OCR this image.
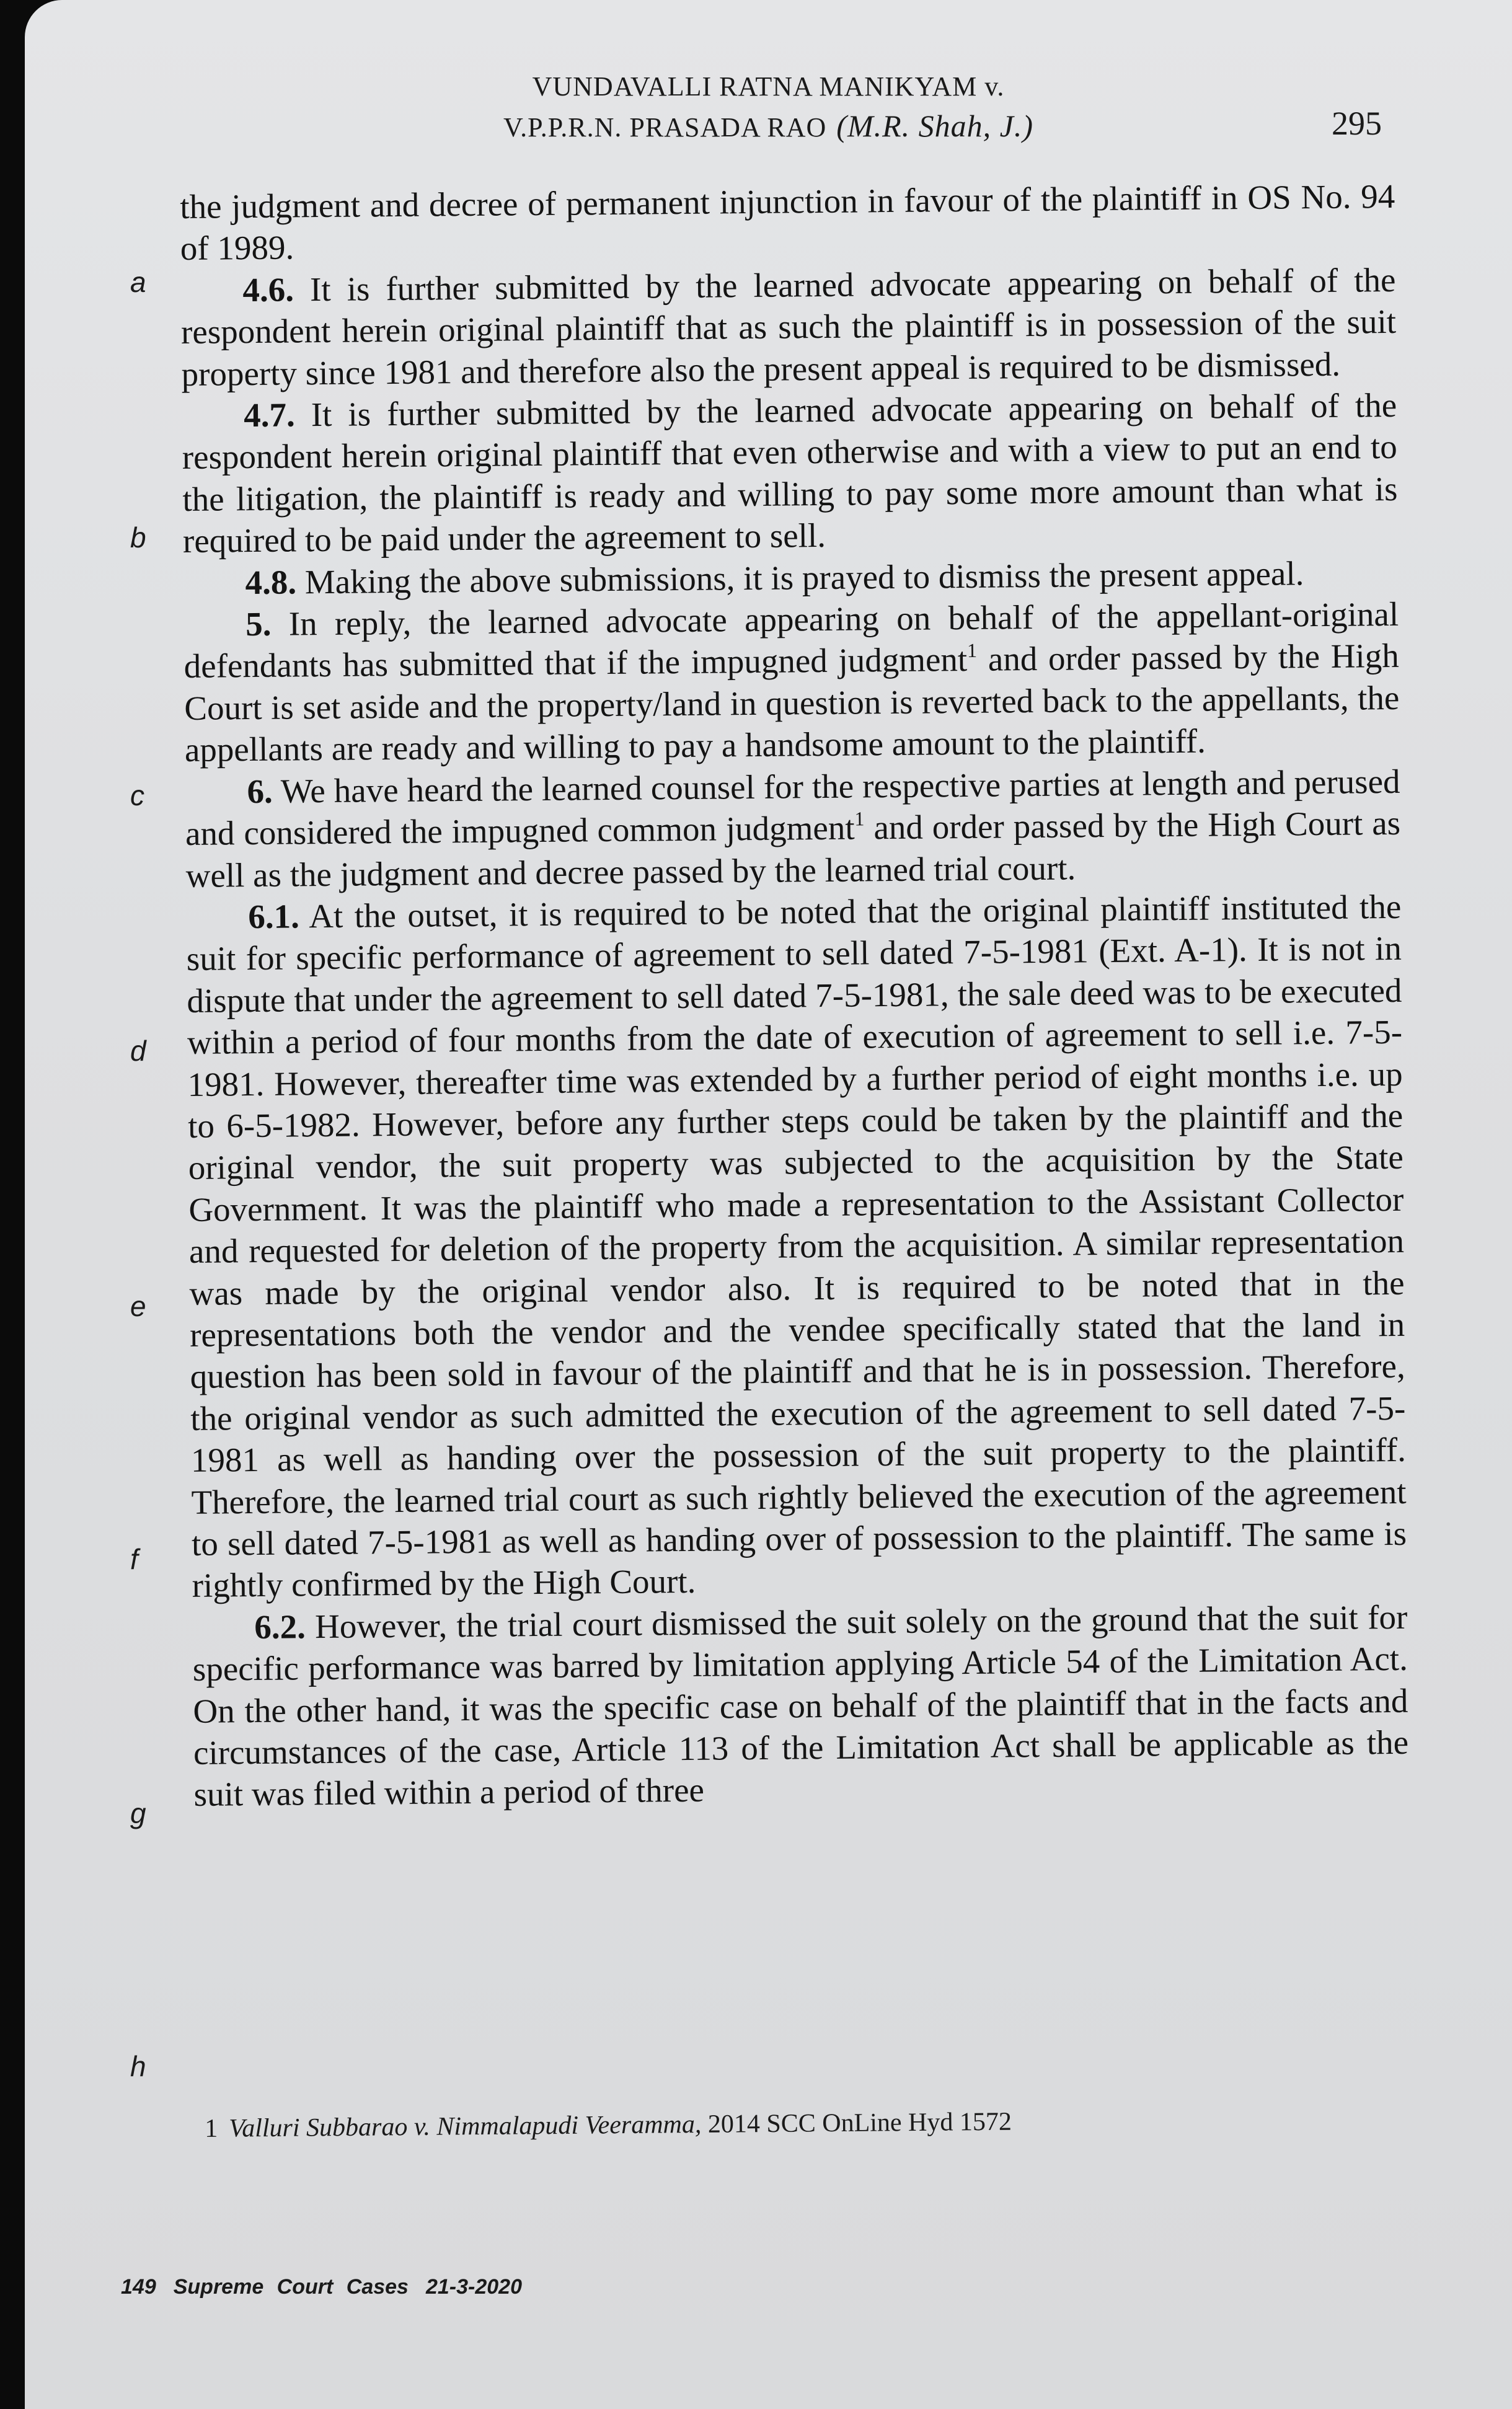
VUNDAVALLI RATNA MANIKYAM v.
V.P.P.R.N. PRASADA RAO (M.R. Shah, J.)	295
a
b
c
d
e
f
g
h

the judgment and decree of permanent injunction in favour of the plaintiff in OS No. 94 of 1989.

4.6. It is further submitted by the learned advocate appearing on behalf of the respondent herein original plaintiff that as such the plaintiff is in possession of the suit property since 1981 and therefore also the present appeal is required to be dismissed.

4.7. It is further submitted by the learned advocate appearing on behalf of the respondent herein original plaintiff that even otherwise and with a view to put an end to the litigation, the plaintiff is ready and willing to pay some more amount than what is required to be paid under the agreement to sell.

4.8. Making the above submissions, it is prayed to dismiss the present appeal.

5. In reply, the learned advocate appearing on behalf of the appellant-original defendants has submitted that if the impugned judgment$^1$ and order passed by the High Court is set aside and the property/land in question is reverted back to the appellants, the appellants are ready and willing to pay a handsome amount to the plaintiff.

6. We have heard the learned counsel for the respective parties at length and perused and considered the impugned common judgment$^1$ and order passed by the High Court as well as the judgment and decree passed by the learned trial court.

6.1. At the outset, it is required to be noted that the original plaintiff instituted the suit for specific performance of agreement to sell dated 7-5-1981 (Ext. A-1). It is not in dispute that under the agreement to sell dated 7-5-1981, the sale deed was to be executed within a period of four months from the date of execution of agreement to sell i.e. 7-5-1981. However, thereafter time was extended by a further period of eight months i.e. up to 6-5-1982. However, before any further steps could be taken by the plaintiff and the original vendor, the suit property was subjected to the acquisition by the State Government. It was the plaintiff who made a representation to the Assistant Collector and requested for deletion of the property from the acquisition. A similar representation was made by the original vendor also. It is required to be noted that in the representations both the vendor and the vendee specifically stated that the land in question has been sold in favour of the plaintiff and that he is in possession. Therefore, the original vendor as such admitted the execution of the agreement to sell dated 7-5-1981 as well as handing over the possession of the suit property to the plaintiff. Therefore, the learned trial court as such rightly believed the execution of the agreement to sell dated 7-5-1981 as well as handing over of possession to the plaintiff. The same is rightly confirmed by the High Court.

6.2. However, the trial court dismissed the suit solely on the ground that the suit for specific performance was barred by limitation applying Article 54 of the Limitation Act. On the other hand, it was the specific case on behalf of the plaintiff that in the facts and circumstances of the case, Article 113 of the Limitation Act shall be applicable as the suit was filed within a period of three

1 Valluri Subbarao v. Nimmalapudi Veeramma, 2014 SCC OnLine Hyd 1572
149 Supreme Court Cases 21-3-2020
